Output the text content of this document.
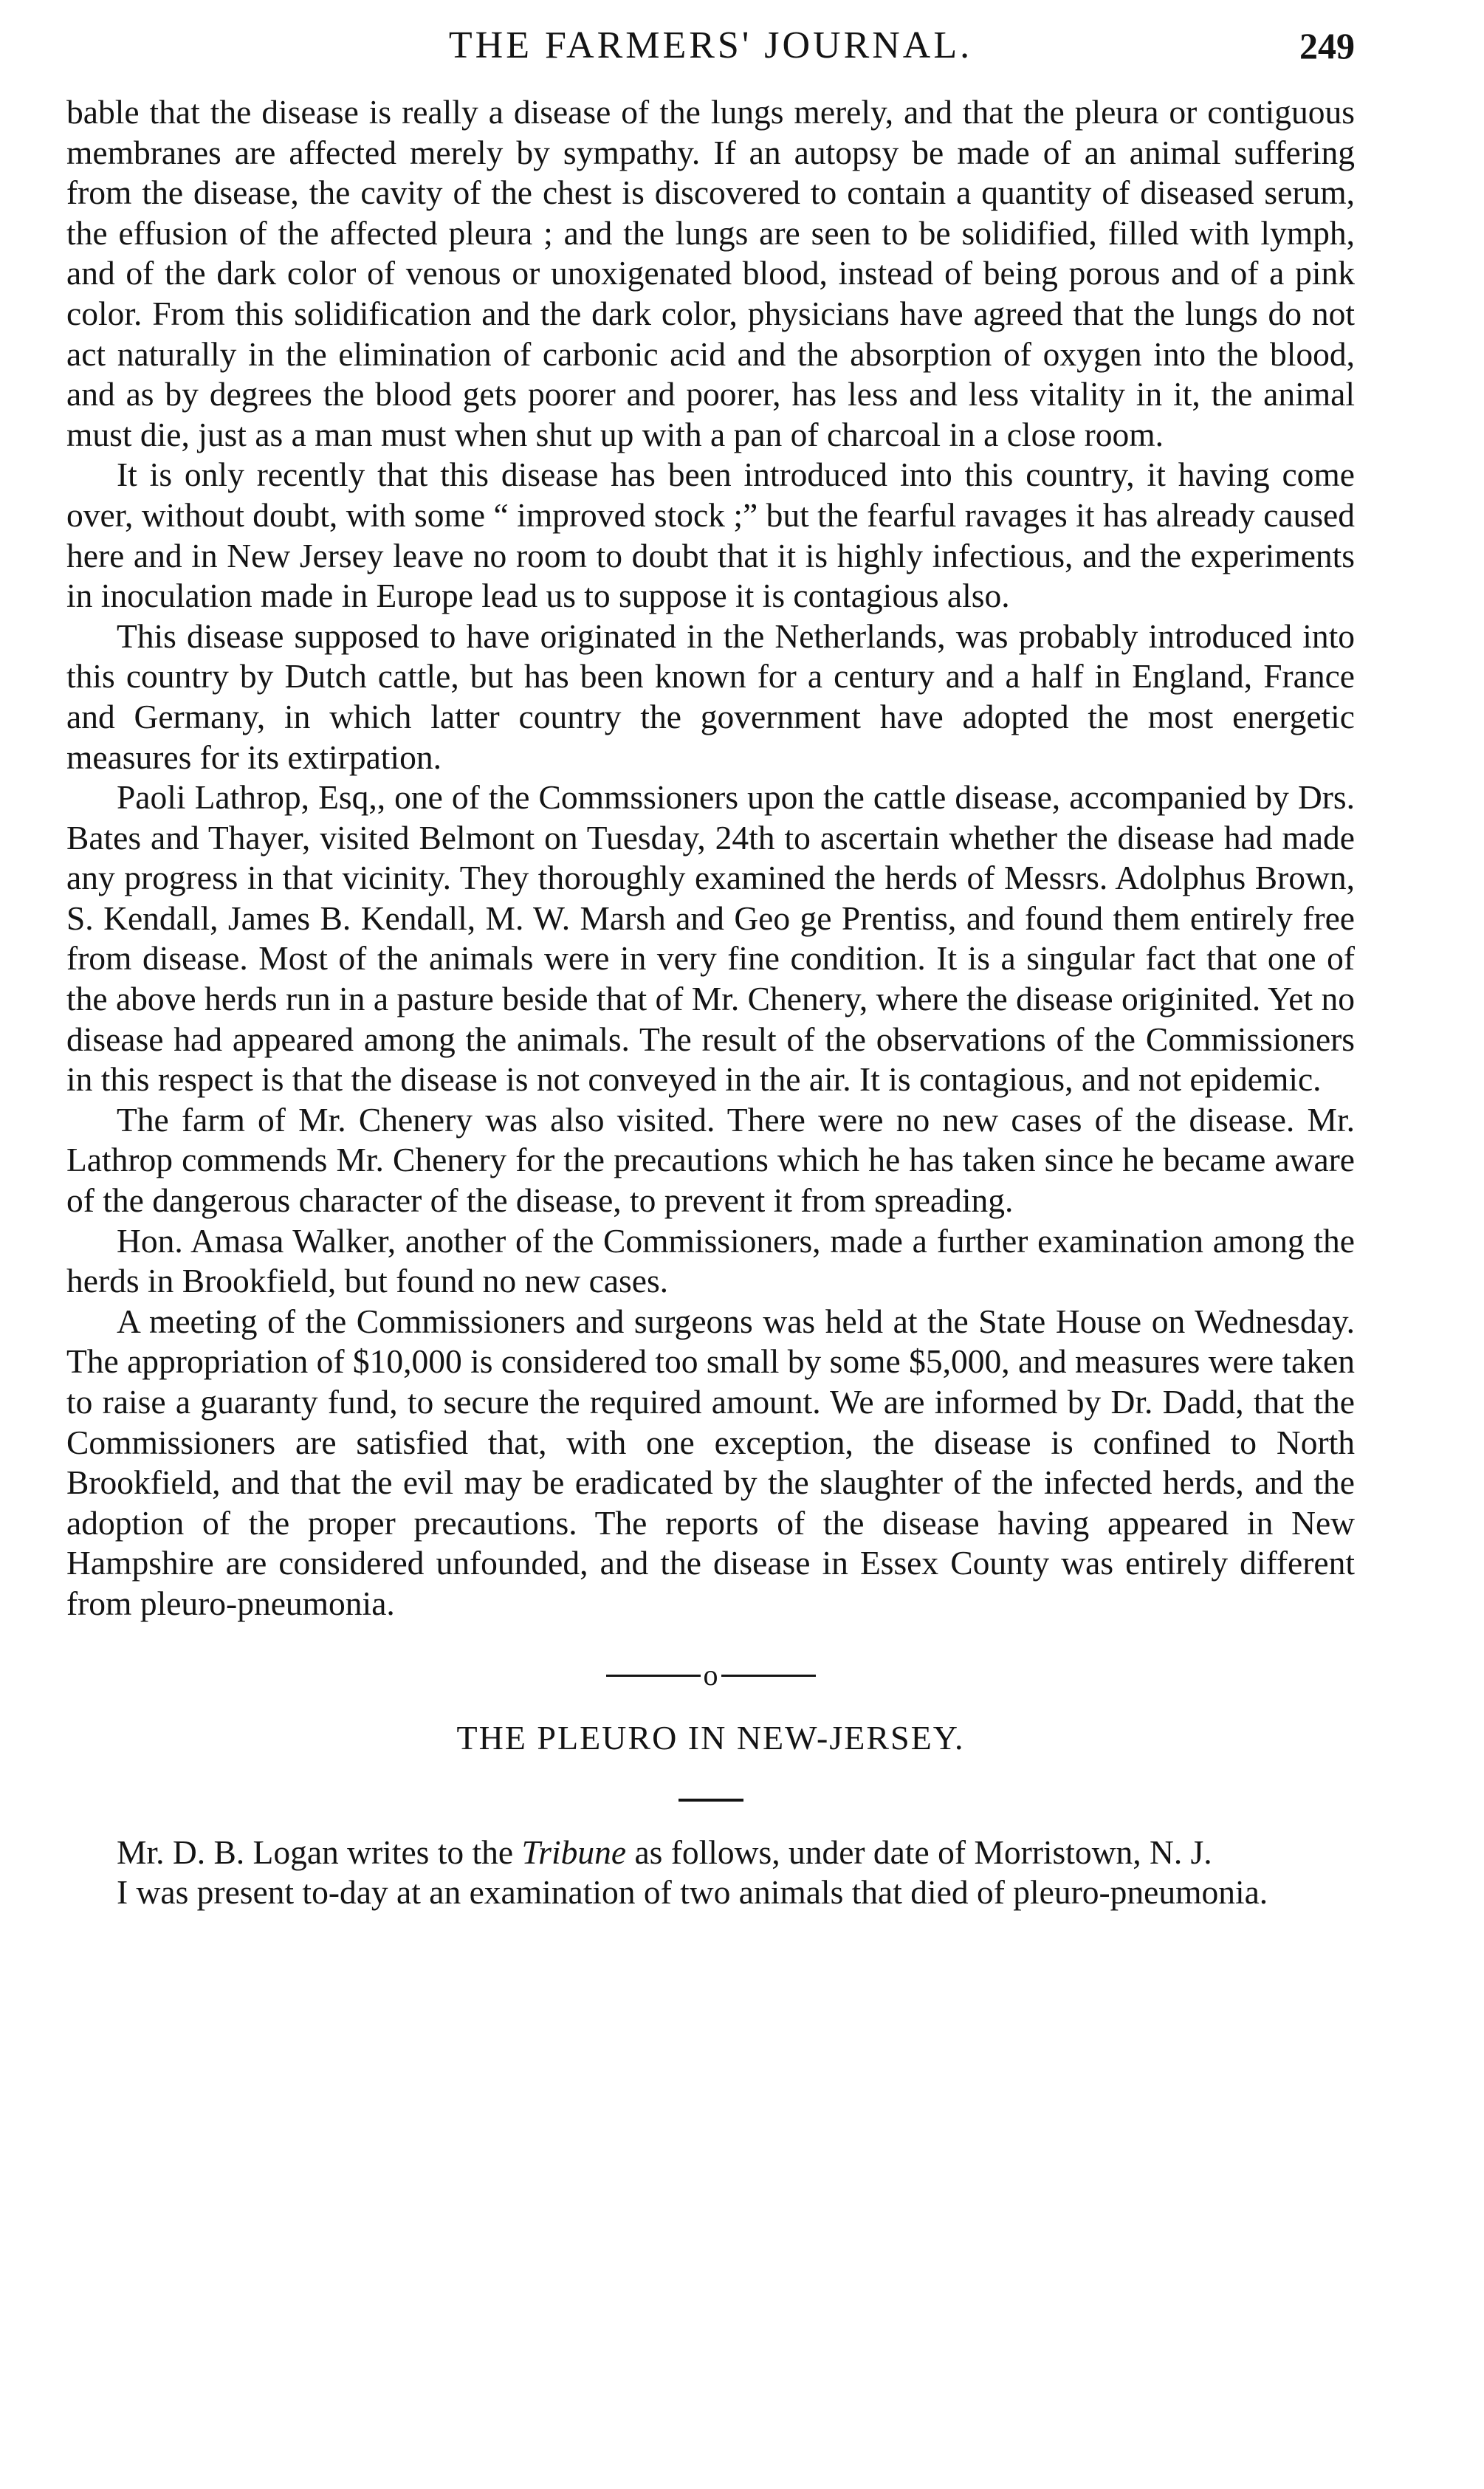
THE FARMERS' JOURNAL.	249

bable that the disease is really a disease of the lungs merely, and that the pleura or contiguous membranes are affected merely by sympathy. If an autopsy be made of an animal suffering from the disease, the cavity of the chest is discovered to contain a quantity of diseased serum, the effusion of the affected pleura ; and the lungs are seen to be solidified, filled with lymph, and of the dark color of venous or unoxigenated blood, instead of being porous and of a pink color. From this solidification and the dark color, physicians have agreed that the lungs do not act naturally in the elimination of carbonic acid and the absorption of oxygen into the blood, and as by degrees the blood gets poorer and poorer, has less and less vitality in it, the animal must die, just as a man must when shut up with a pan of charcoal in a close room.

It is only recently that this disease has been introduced into this country, it having come over, without doubt, with some “ improved stock ;” but the fearful ravages it has already caused here and in New Jersey leave no room to doubt that it is highly infectious, and the experiments in inoculation made in Europe lead us to suppose it is contagious also.

This disease supposed to have originated in the Netherlands, was probably introduced into this country by Dutch cattle, but has been known for a century and a half in England, France and Germany, in which latter country the government have adopted the most energetic measures for its extirpation.

Paoli Lathrop, Esq,, one of the Commssioners upon the cattle disease, accompanied by Drs. Bates and Thayer, visited Belmont on Tuesday, 24th to ascertain whether the disease had made any progress in that vicinity. They thoroughly examined the herds of Messrs. Adolphus Brown, S. Kendall, James B. Kendall, M. W. Marsh and Geo ge Prentiss, and found them entirely free from disease. Most of the animals were in very fine condition. It is a singular fact that one of the above herds run in a pasture beside that of Mr. Chenery, where the disease originited. Yet no disease had appeared among the animals. The result of the observations of the Commissioners in this respect is that the disease is not conveyed in the air. It is contagious, and not epidemic.

The farm of Mr. Chenery was also visited. There were no new cases of the disease. Mr. Lathrop commends Mr. Chenery for the precautions which he has taken since he became aware of the dangerous character of the disease, to prevent it from spreading.

Hon. Amasa Walker, another of the Commissioners, made a further examination among the herds in Brookfield, but found no new cases.

A meeting of the Commissioners and surgeons was held at the State House on Wednesday. The appropriation of $10,000 is considered too small by some $5,000, and measures were taken to raise a guaranty fund, to secure the required amount. We are informed by Dr. Dadd, that the Commissioners are satisfied that, with one exception, the disease is confined to North Brookfield, and that the evil may be eradicated by the slaughter of the infected herds, and the adoption of the proper precautions. The reports of the disease having appeared in New Hampshire are considered unfounded, and the disease in Essex County was entirely different from pleuro-pneumonia.

o
THE PLEURO IN NEW-JERSEY.

Mr. D. B. Logan writes to the Tribune as follows, under date of Morristown, N. J.

I was present to-day at an examination of two animals that died of pleuro-pneumonia.
